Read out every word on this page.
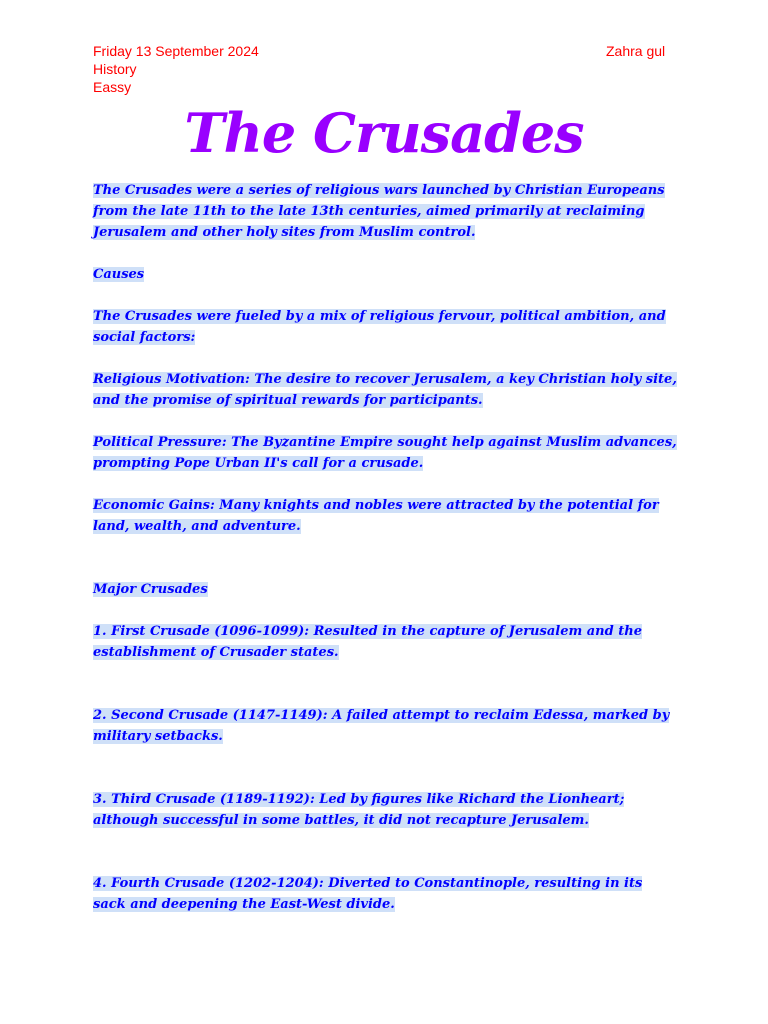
Friday 13 September 2024
History
Eassy
Zahra gul
The Crusades

The Crusades were a series of religious wars launched by Christian Europeans from the late 11th to the late 13th centuries, aimed primarily at reclaiming Jerusalem and other holy sites from Muslim control.

Causes

The Crusades were fueled by a mix of religious fervour, political ambition, and social factors:

Religious Motivation: The desire to recover Jerusalem, a key Christian holy site, and the promise of spiritual rewards for participants.

Political Pressure: The Byzantine Empire sought help against Muslim advances, prompting Pope Urban II's call for a crusade.

Economic Gains: Many knights and nobles were attracted by the potential for land, wealth, and adventure.

Major Crusades

1. First Crusade (1096-1099): Resulted in the capture of Jerusalem and the establishment of Crusader states.

2. Second Crusade (1147-1149): A failed attempt to reclaim Edessa, marked by military setbacks.

3. Third Crusade (1189-1192): Led by figures like Richard the Lionheart; although successful in some battles, it did not recapture Jerusalem.

4. Fourth Crusade (1202-1204): Diverted to Constantinople, resulting in its sack and deepening the East-West divide.
